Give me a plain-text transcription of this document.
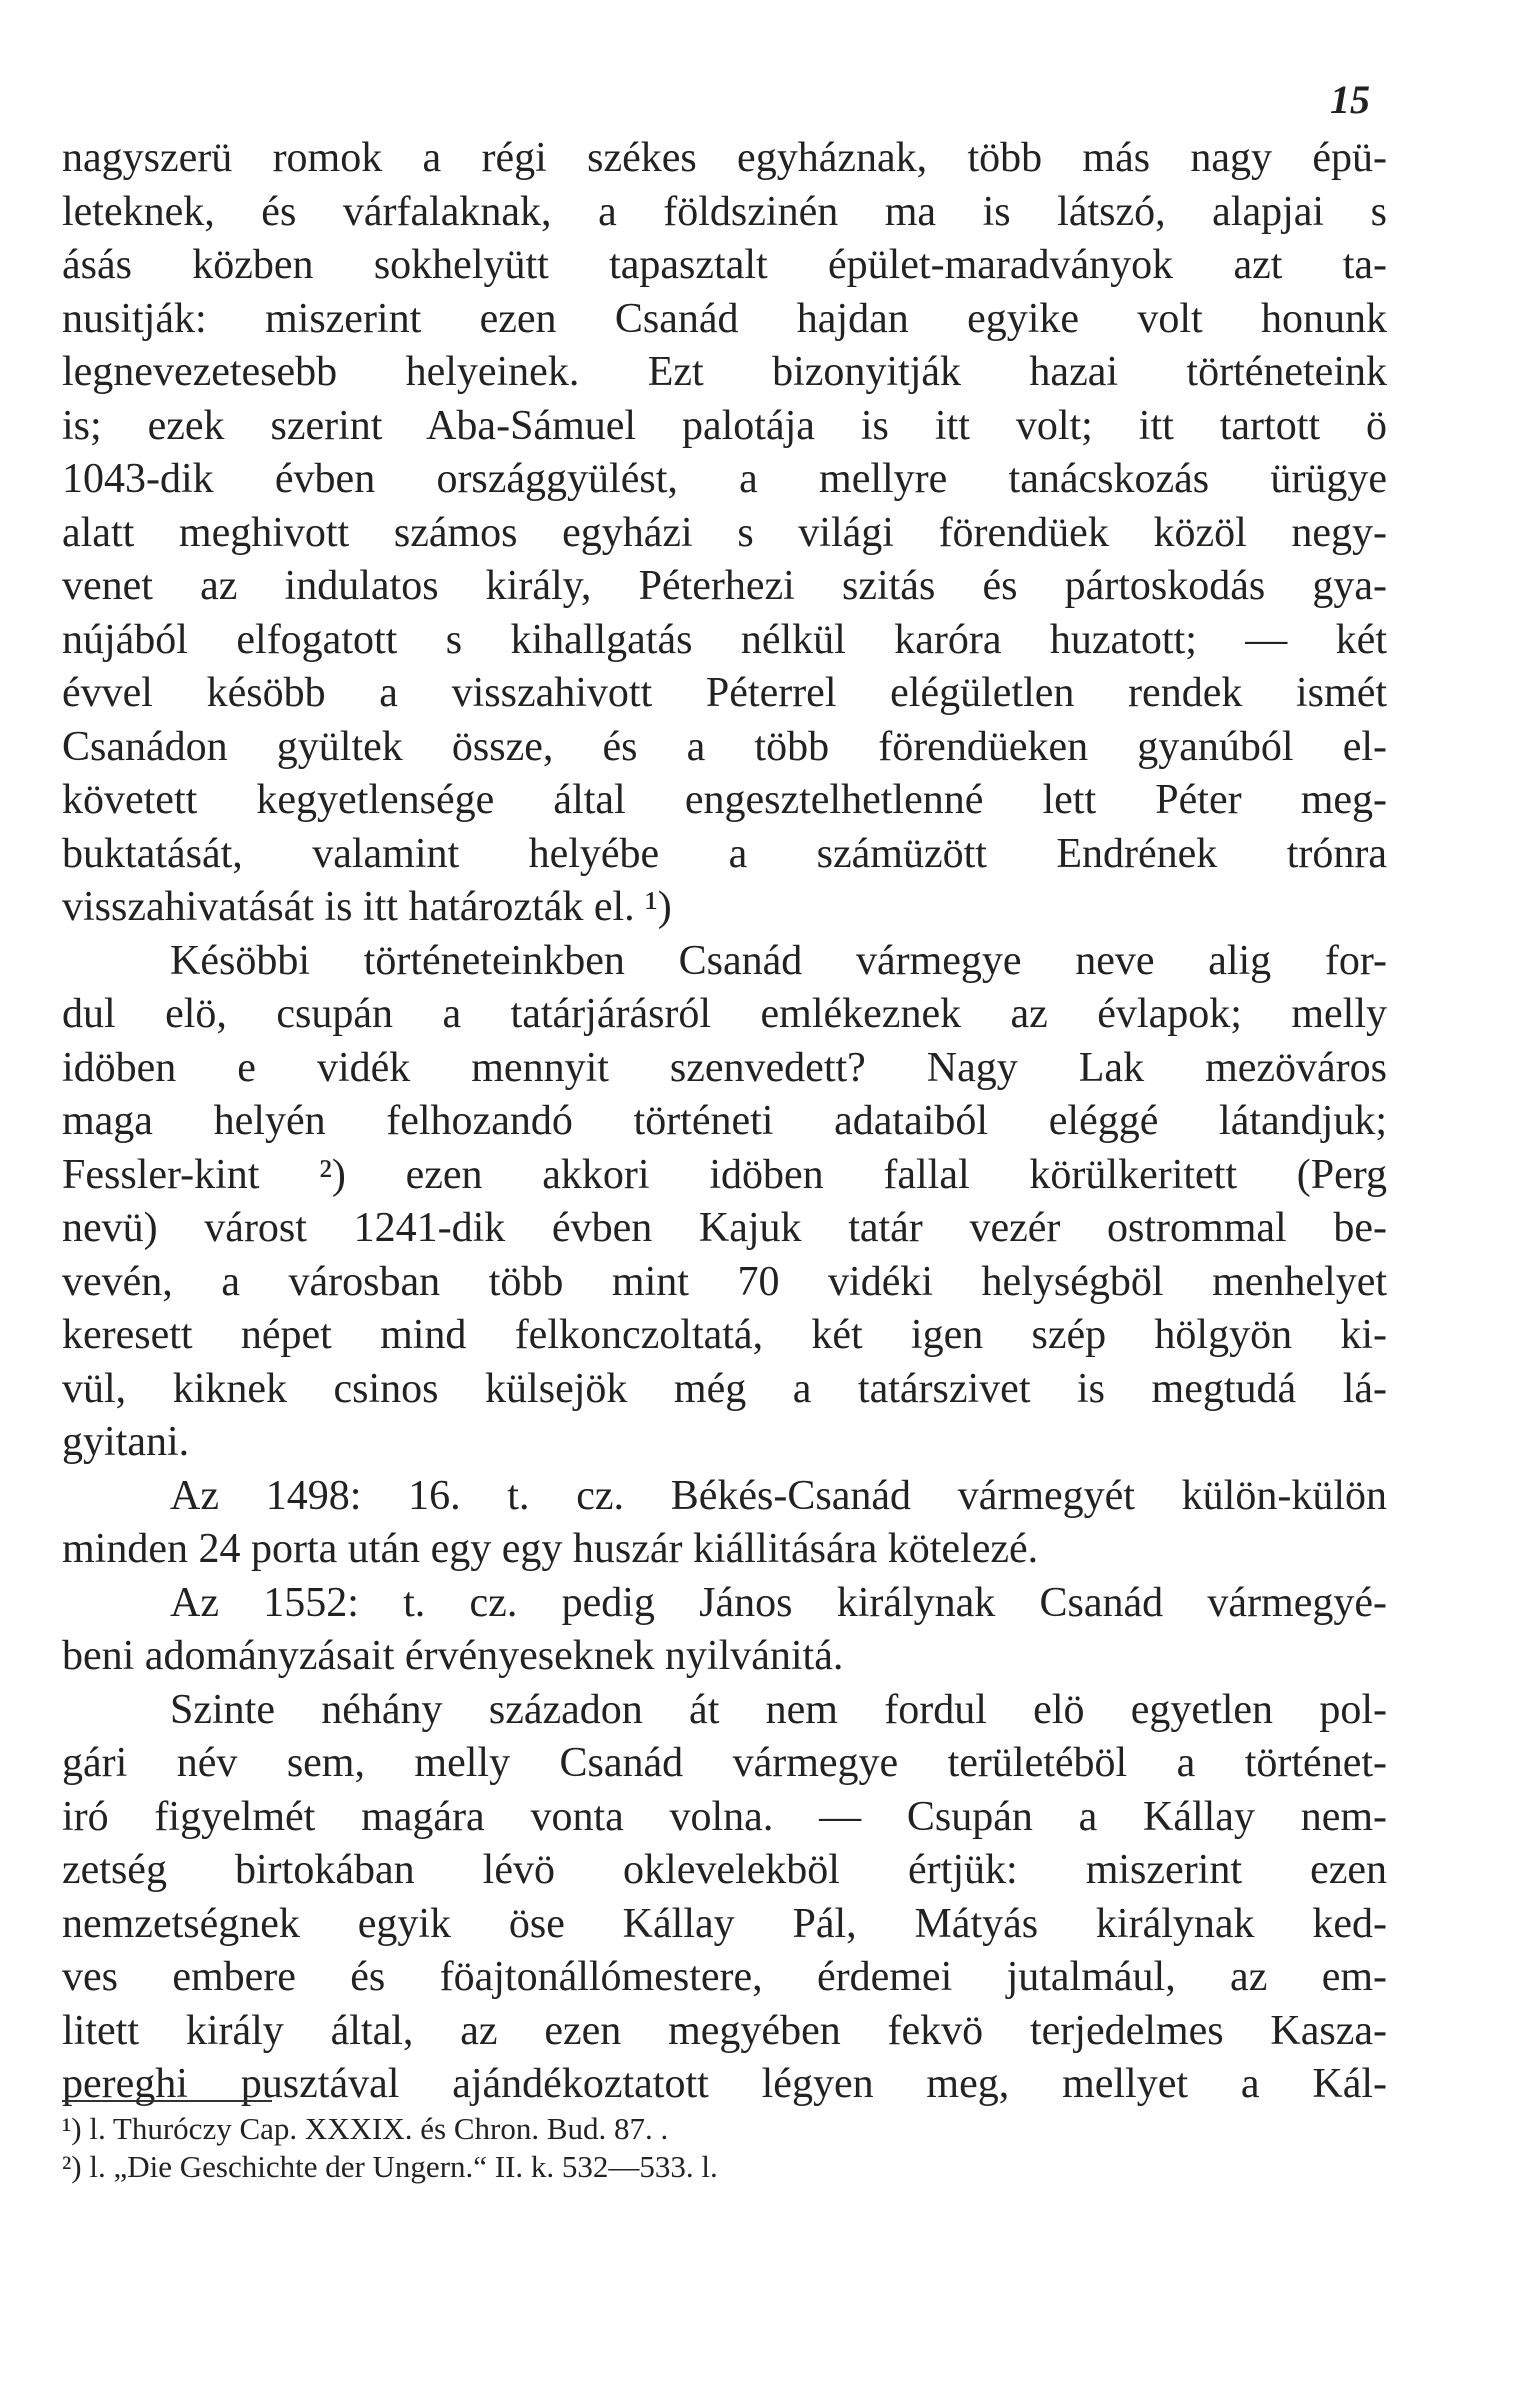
15
nagyszerü romok a régi székes egyháznak, több más nagy épü-
leteknek, és várfalaknak, a földszinén ma is látszó, alapjai s
ásás közben sokhelyütt tapasztalt épület-maradványok azt ta-
nusitják: miszerint ezen Csanád hajdan egyike volt honunk
legnevezetesebb helyeinek. Ezt bizonyitják hazai történeteink
is; ezek szerint Aba-Sámuel palotája is itt volt; itt tartott ö
1043-dik évben országgyülést, a mellyre tanácskozás ürügye
alatt meghivott számos egyházi s világi förendüek közöl negy-
venet az indulatos király, Péterhezi szitás és pártoskodás gya-
nújából elfogatott s kihallgatás nélkül karóra huzatott; — két
évvel késöbb a visszahivott Péterrel elégületlen rendek ismét
Csanádon gyültek össze, és a több förendüeken gyanúból el-
követett kegyetlensége által engesztelhetlenné lett Péter meg-
buktatását, valamint helyébe a számüzött Endrének trónra
visszahivatását is itt határozták el. ¹)
Késöbbi történeteinkben Csanád vármegye neve alig for-
dul elö, csupán a tatárjárásról emlékeznek az évlapok; melly
idöben e vidék mennyit szenvedett? Nagy Lak mezöváros
maga helyén felhozandó történeti adataiból eléggé látandjuk;
Fessler-kint ²) ezen akkori idöben fallal körülkeritett (Perg
nevü) várost 1241-dik évben Kajuk tatár vezér ostrommal be-
vevén, a városban több mint 70 vidéki helységböl menhelyet
keresett népet mind felkonczoltatá, két igen szép hölgyön ki-
vül, kiknek csinos külsejök még a tatárszivet is megtudá lá-
gyitani.
Az 1498: 16. t. cz. Békés-Csanád vármegyét külön-külön
minden 24 porta után egy egy huszár kiállitására kötelezé.
Az 1552: t. cz. pedig János királynak Csanád vármegyé-
beni adományzásait érvényeseknek nyilvánitá.
Szinte néhány századon át nem fordul elö egyetlen pol-
gári név sem, melly Csanád vármegye területéböl a történet-
iró figyelmét magára vonta volna. — Csupán a Kállay nem-
zetség birtokában lévö oklevelekböl értjük: miszerint ezen
nemzetségnek egyik öse Kállay Pál, Mátyás királynak ked-
ves embere és föajtonállómestere, érdemei jutalmául, az em-
litett király által, az ezen megyében fekvö terjedelmes Kasza-
pereghi pusztával ajándékoztatott légyen meg, mellyet a Kál-
¹) l. Thuróczy Cap. XXXIX. és Chron. Bud. 87. .
²) l. „Die Geschichte der Ungern.“ II. k. 532—533. l.
